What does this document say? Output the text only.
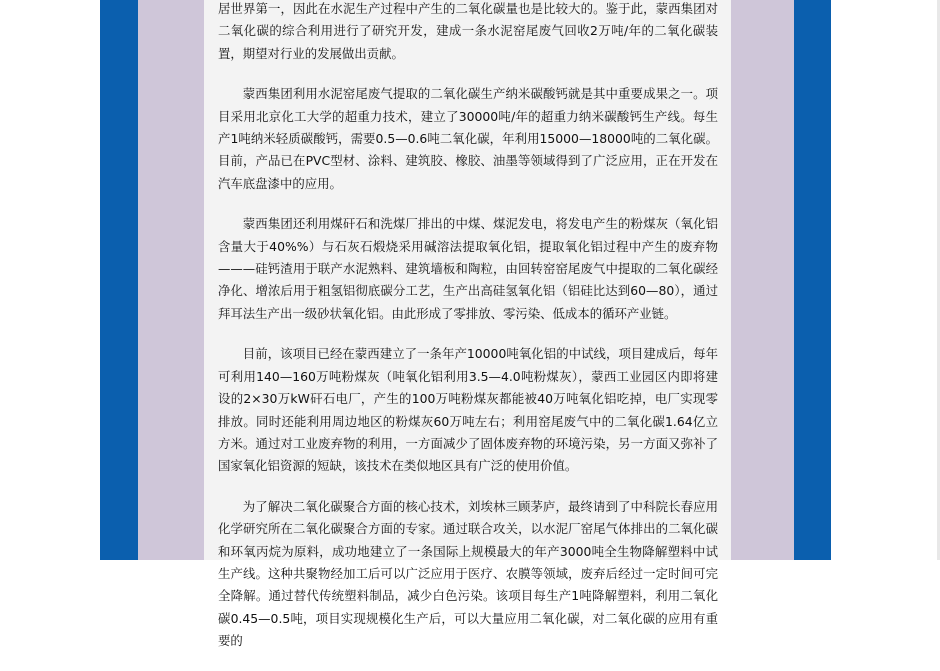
居世界第一，因此在水泥生产过程中产生的二氧化碳量也是比较大的。鉴于此，蒙西集团对二氧化碳的综合利用进行了研究开发，建成一条水泥窑尾废气回收2万吨/年的二氧化碳装置，期望对行业的发展做出贡献。

蒙西集团利用水泥窑尾废气提取的二氧化碳生产纳米碳酸钙就是其中重要成果之一。项目采用北京化工大学的超重力技术，建立了30000吨/年的超重力纳米碳酸钙生产线。每生产1吨纳米轻质碳酸钙，需要0.5—0.6吨二氧化碳，年利用15000—18000吨的二氧化碳。目前，产品已在PVC型材、涂料、建筑胶、橡胶、油墨等领域得到了广泛应用，正在开发在汽车底盘漆中的应用。

蒙西集团还利用煤矸石和洗煤厂排出的中煤、煤泥发电，将发电产生的粉煤灰（氧化铝含量大于40%%）与石灰石煅烧采用碱溶法提取氧化铝，提取氧化铝过程中产生的废弃物———硅钙渣用于联产水泥熟料、建筑墙板和陶粒，由回转窑窑尾废气中提取的二氧化碳经净化、增浓后用于粗氢铝彻底碳分工艺，生产出高硅氢氧化铝（铝硅比达到60—80），通过拜耳法生产出一级砂状氧化铝。由此形成了零排放、零污染、低成本的循环产业链。

目前，该项目已经在蒙西建立了一条年产10000吨氧化铝的中试线，项目建成后，每年可利用140—160万吨粉煤灰（吨氧化铝利用3.5—4.0吨粉煤灰），蒙西工业园区内即将建设的2×30万kW矸石电厂，产生的100万吨粉煤灰都能被40万吨氧化铝吃掉，电厂实现零排放。同时还能利用周边地区的粉煤灰60万吨左右；利用窑尾废气中的二氧化碳1.64亿立方米。通过对工业废弃物的利用，一方面减少了固体废弃物的环境污染，另一方面又弥补了国家氧化铝资源的短缺，该技术在类似地区具有广泛的使用价值。

为了解决二氧化碳聚合方面的核心技术，刘埃林三顾茅庐，最终请到了中科院长春应用化学研究所在二氧化碳聚合方面的专家。通过联合攻关，以水泥厂窑尾气体排出的二氧化碳和环氧丙烷为原料，成功地建立了一条国际上规模最大的年产3000吨全生物降解塑料中试生产线。这种共聚物经加工后可以广泛应用于医疗、农膜等领域，废弃后经过一定时间可完全降解。通过替代传统塑料制品，减少白色污染。该项目每生产1吨降解塑料，利用二氧化碳0.45—0.5吨，项目实现规模化生产后，可以大量应用二氧化碳，对二氧化碳的应用有重要的
